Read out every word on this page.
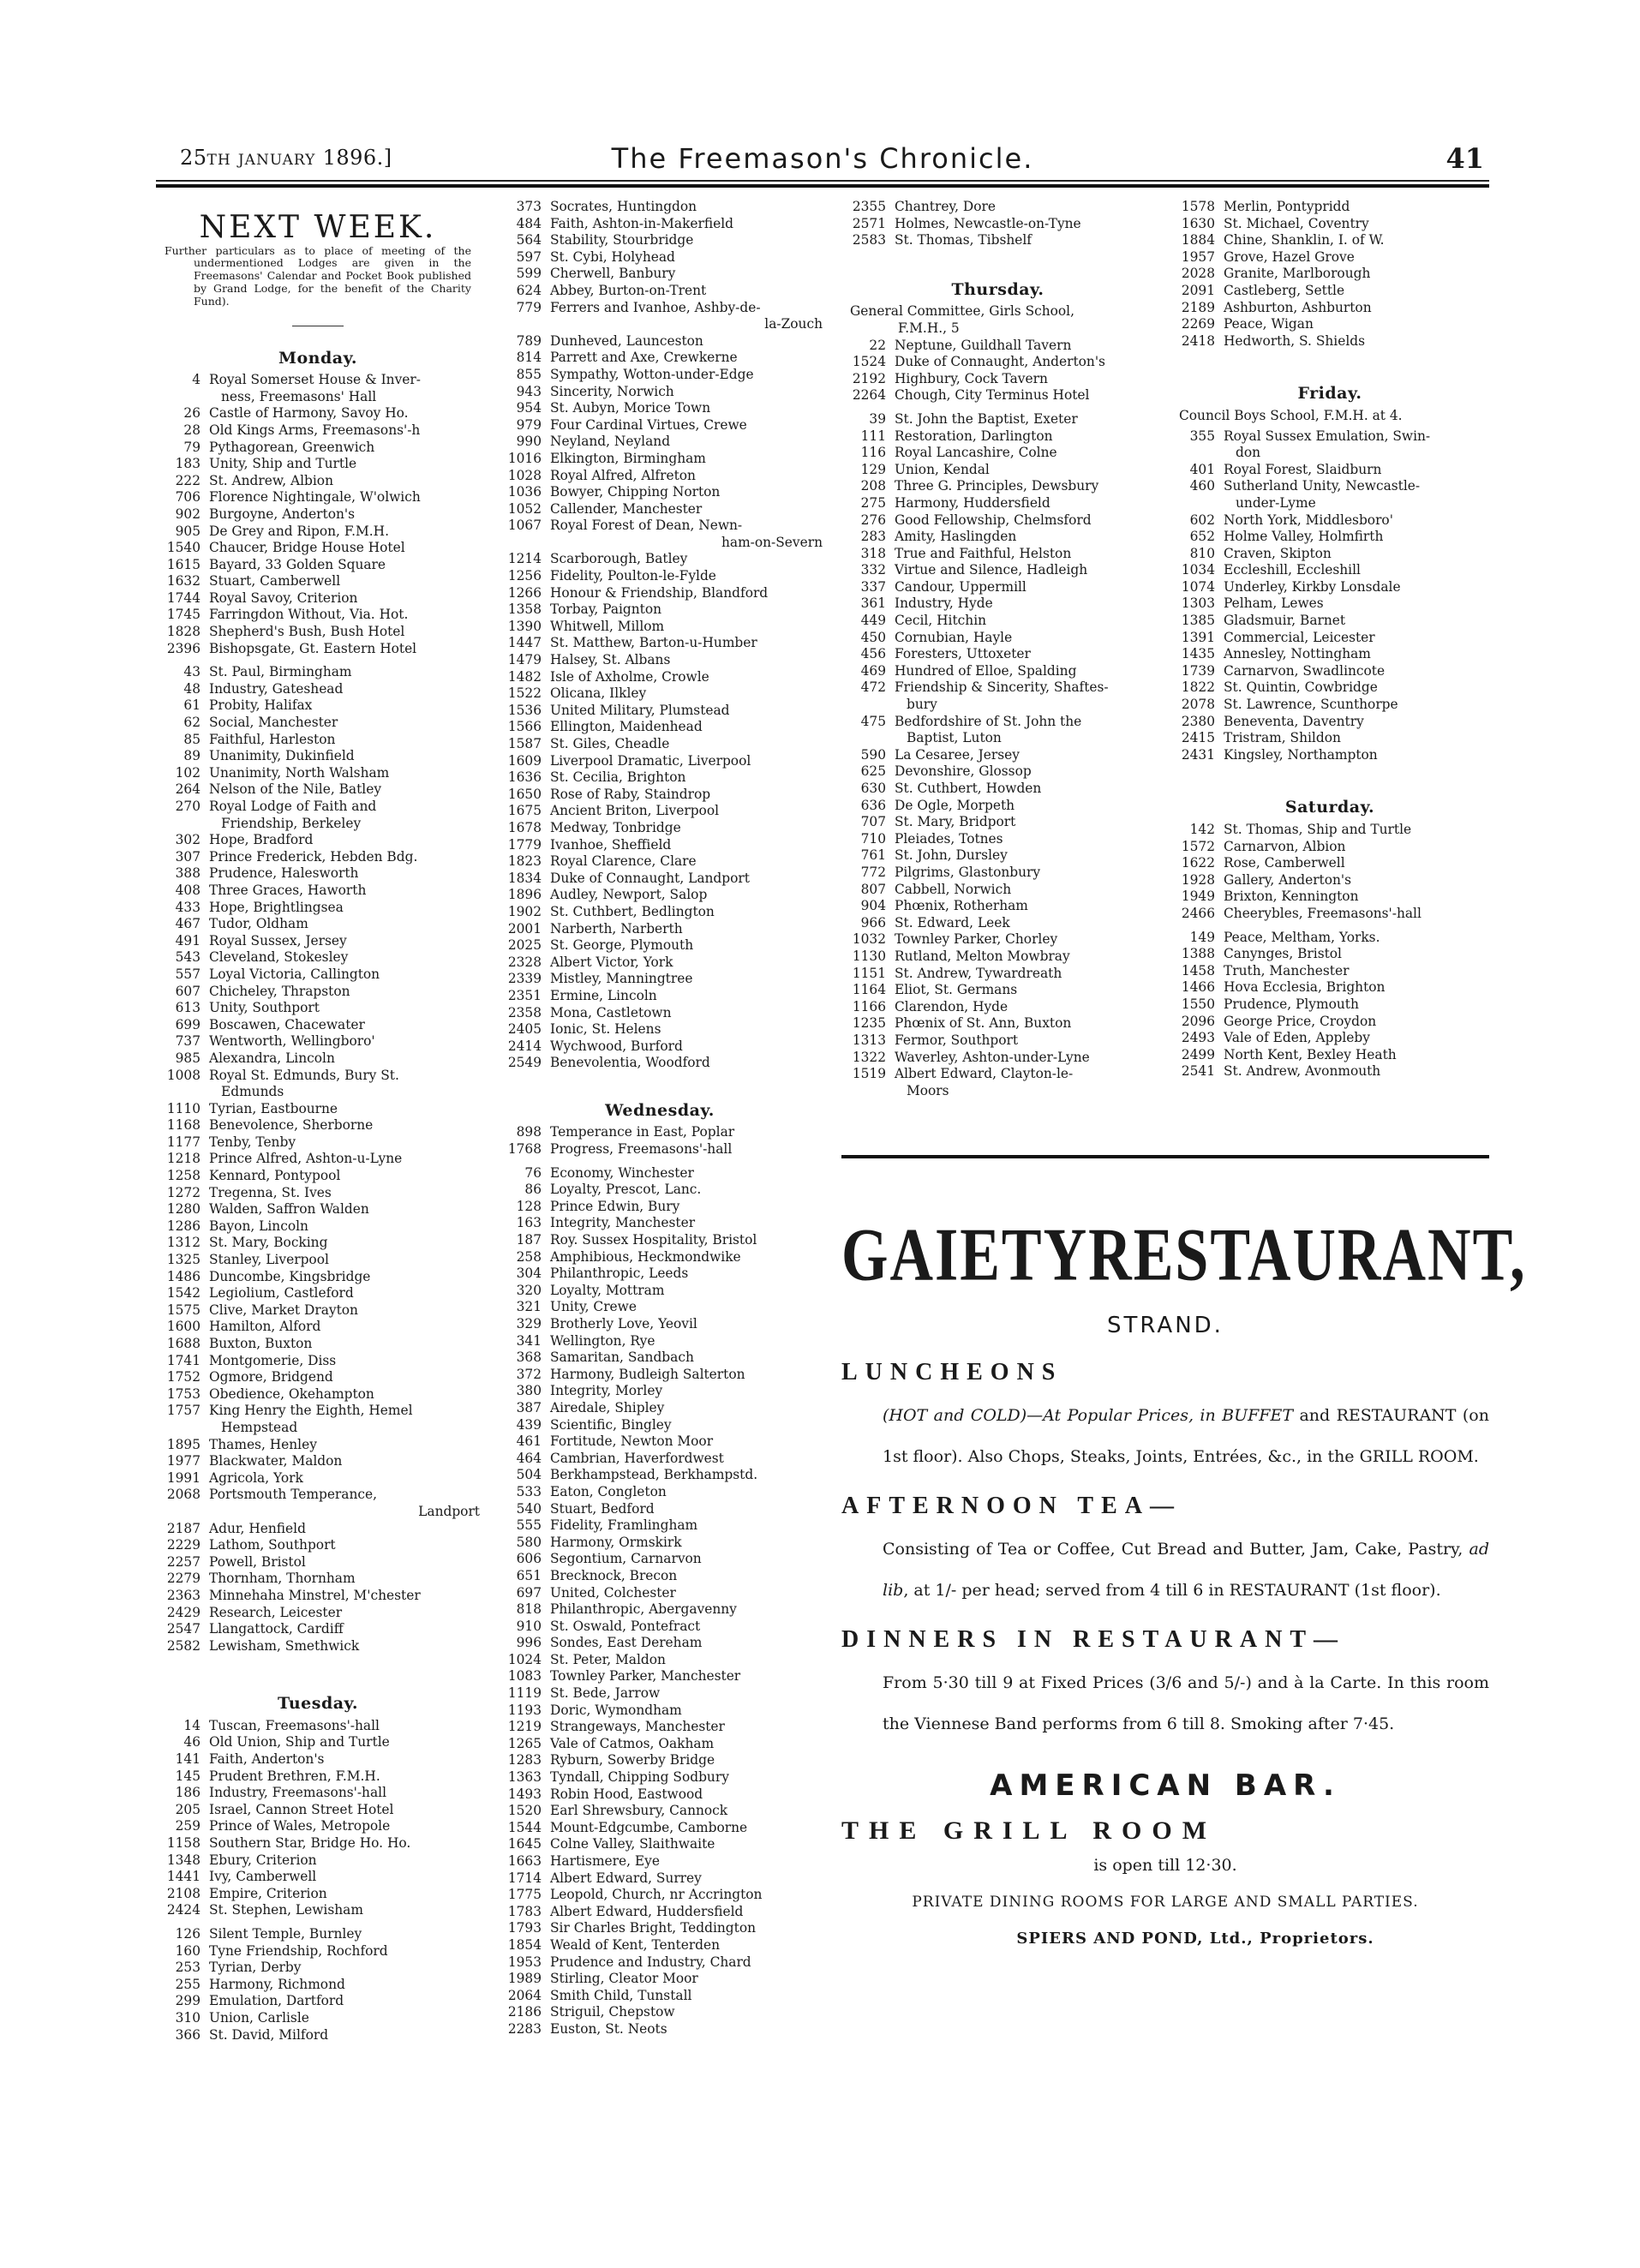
25TH JANUARY 1896.]	The Freemason's Chronicle.	41
NEXT WEEK.
Further particulars as to place of meeting of the undermentioned Lodges are given in the Freemasons' Calendar and Pocket Book published by Grand Lodge, for the benefit of the Charity Fund).
Monday.
4 Royal Somerset House & Inver-
ness, Freemasons' Hall
26 Castle of Harmony, Savoy Ho.
28 Old Kings Arms, Freemasons'-h
79 Pythagorean, Greenwich
183 Unity, Ship and Turtle
222 St. Andrew, Albion
706 Florence Nightingale, W'olwich
902 Burgoyne, Anderton's
905 De Grey and Ripon, F.M.H.
1540 Chaucer, Bridge House Hotel
1615 Bayard, 33 Golden Square
1632 Stuart, Camberwell
1744 Royal Savoy, Criterion
1745 Farringdon Without, Via. Hot.
1828 Shepherd's Bush, Bush Hotel
2396 Bishopsgate, Gt. Eastern Hotel
43 St. Paul, Birmingham
48 Industry, Gateshead
61 Probity, Halifax
62 Social, Manchester
85 Faithful, Harleston
89 Unanimity, Dukinfield
102 Unanimity, North Walsham
264 Nelson of the Nile, Batley
270 Royal Lodge of Faith and
Friendship, Berkeley
302 Hope, Bradford
307 Prince Frederick, Hebden Bdg.
388 Prudence, Halesworth
408 Three Graces, Haworth
433 Hope, Brightlingsea
467 Tudor, Oldham
491 Royal Sussex, Jersey
543 Cleveland, Stokesley
557 Loyal Victoria, Callington
607 Chicheley, Thrapston
613 Unity, Southport
699 Boscawen, Chacewater
737 Wentworth, Wellingboro'
985 Alexandra, Lincoln
1008 Royal St. Edmunds, Bury St.
Edmunds
1110 Tyrian, Eastbourne
1168 Benevolence, Sherborne
1177 Tenby, Tenby
1218 Prince Alfred, Ashton-u-Lyne
1258 Kennard, Pontypool
1272 Tregenna, St. Ives
1280 Walden, Saffron Walden
1286 Bayon, Lincoln
1312 St. Mary, Bocking
1325 Stanley, Liverpool
1486 Duncombe, Kingsbridge
1542 Legiolium, Castleford
1575 Clive, Market Drayton
1600 Hamilton, Alford
1688 Buxton, Buxton
1741 Montgomerie, Diss
1752 Ogmore, Bridgend
1753 Obedience, Okehampton
1757 King Henry the Eighth, Hemel
Hempstead
1895 Thames, Henley
1977 Blackwater, Maldon
1991 Agricola, York
2068 Portsmouth Temperance,
Landport
2187 Adur, Henfield
2229 Lathom, Southport
2257 Powell, Bristol
2279 Thornham, Thornham
2363 Minnehaha Minstrel, M'chester
2429 Research, Leicester
2547 Llangattock, Cardiff
2582 Lewisham, Smethwick
Tuesday.
14 Tuscan, Freemasons'-hall
46 Old Union, Ship and Turtle
141 Faith, Anderton's
145 Prudent Brethren, F.M.H.
186 Industry, Freemasons'-hall
205 Israel, Cannon Street Hotel
259 Prince of Wales, Metropole
1158 Southern Star, Bridge Ho. Ho.
1348 Ebury, Criterion
1441 Ivy, Camberwell
2108 Empire, Criterion
2424 St. Stephen, Lewisham
126 Silent Temple, Burnley
160 Tyne Friendship, Rochford
253 Tyrian, Derby
255 Harmony, Richmond
299 Emulation, Dartford
310 Union, Carlisle
366 St. David, Milford
373 Socrates, Huntingdon
484 Faith, Ashton-in-Makerfield
564 Stability, Stourbridge
597 St. Cybi, Holyhead
599 Cherwell, Banbury
624 Abbey, Burton-on-Trent
779 Ferrers and Ivanhoe, Ashby-de-
la-Zouch
789 Dunheved, Launceston
814 Parrett and Axe, Crewkerne
855 Sympathy, Wotton-under-Edge
943 Sincerity, Norwich
954 St. Aubyn, Morice Town
979 Four Cardinal Virtues, Crewe
990 Neyland, Neyland
1016 Elkington, Birmingham
1028 Royal Alfred, Alfreton
1036 Bowyer, Chipping Norton
1052 Callender, Manchester
1067 Royal Forest of Dean, Newn-
ham-on-Severn
1214 Scarborough, Batley
1256 Fidelity, Poulton-le-Fylde
1266 Honour & Friendship, Blandford
1358 Torbay, Paignton
1390 Whitwell, Millom
1447 St. Matthew, Barton-u-Humber
1479 Halsey, St. Albans
1482 Isle of Axholme, Crowle
1522 Olicana, Ilkley
1536 United Military, Plumstead
1566 Ellington, Maidenhead
1587 St. Giles, Cheadle
1609 Liverpool Dramatic, Liverpool
1636 St. Cecilia, Brighton
1650 Rose of Raby, Staindrop
1675 Ancient Briton, Liverpool
1678 Medway, Tonbridge
1779 Ivanhoe, Sheffield
1823 Royal Clarence, Clare
1834 Duke of Connaught, Landport
1896 Audley, Newport, Salop
1902 St. Cuthbert, Bedlington
2001 Narberth, Narberth
2025 St. George, Plymouth
2328 Albert Victor, York
2339 Mistley, Manningtree
2351 Ermine, Lincoln
2358 Mona, Castletown
2405 Ionic, St. Helens
2414 Wychwood, Burford
2549 Benevolentia, Woodford
Wednesday.
898 Temperance in East, Poplar
1768 Progress, Freemasons'-hall
76 Economy, Winchester
86 Loyalty, Prescot, Lanc.
128 Prince Edwin, Bury
163 Integrity, Manchester
187 Roy. Sussex Hospitality, Bristol
258 Amphibious, Heckmondwike
304 Philanthropic, Leeds
320 Loyalty, Mottram
321 Unity, Crewe
329 Brotherly Love, Yeovil
341 Wellington, Rye
368 Samaritan, Sandbach
372 Harmony, Budleigh Salterton
380 Integrity, Morley
387 Airedale, Shipley
439 Scientific, Bingley
461 Fortitude, Newton Moor
464 Cambrian, Haverfordwest
504 Berkhampstead, Berkhampstd.
533 Eaton, Congleton
540 Stuart, Bedford
555 Fidelity, Framlingham
580 Harmony, Ormskirk
606 Segontium, Carnarvon
651 Brecknock, Brecon
697 United, Colchester
818 Philanthropic, Abergavenny
910 St. Oswald, Pontefract
996 Sondes, East Dereham
1024 St. Peter, Maldon
1083 Townley Parker, Manchester
1119 St. Bede, Jarrow
1193 Doric, Wymondham
1219 Strangeways, Manchester
1265 Vale of Catmos, Oakham
1283 Ryburn, Sowerby Bridge
1363 Tyndall, Chipping Sodbury
1493 Robin Hood, Eastwood
1520 Earl Shrewsbury, Cannock
1544 Mount-Edgcumbe, Camborne
1645 Colne Valley, Slaithwaite
1663 Hartismere, Eye
1714 Albert Edward, Surrey
1775 Leopold, Church, nr Accrington
1783 Albert Edward, Huddersfield
1793 Sir Charles Bright, Teddington
1854 Weald of Kent, Tenterden
1953 Prudence and Industry, Chard
1989 Stirling, Cleator Moor
2064 Smith Child, Tunstall
2186 Striguil, Chepstow
2283 Euston, St. Neots
2355 Chantrey, Dore
2571 Holmes, Newcastle-on-Tyne
2583 St. Thomas, Tibshelf
Thursday.
General Committee, Girls School,
F.M.H., 5
22 Neptune, Guildhall Tavern
1524 Duke of Connaught, Anderton's
2192 Highbury, Cock Tavern
2264 Chough, City Terminus Hotel
39 St. John the Baptist, Exeter
111 Restoration, Darlington
116 Royal Lancashire, Colne
129 Union, Kendal
208 Three G. Principles, Dewsbury
275 Harmony, Huddersfield
276 Good Fellowship, Chelmsford
283 Amity, Haslingden
318 True and Faithful, Helston
332 Virtue and Silence, Hadleigh
337 Candour, Uppermill
361 Industry, Hyde
449 Cecil, Hitchin
450 Cornubian, Hayle
456 Foresters, Uttoxeter
469 Hundred of Elloe, Spalding
472 Friendship & Sincerity, Shaftes-
bury
475 Bedfordshire of St. John the
Baptist, Luton
590 La Cesaree, Jersey
625 Devonshire, Glossop
630 St. Cuthbert, Howden
636 De Ogle, Morpeth
707 St. Mary, Bridport
710 Pleiades, Totnes
761 St. John, Dursley
772 Pilgrims, Glastonbury
807 Cabbell, Norwich
904 Phœnix, Rotherham
966 St. Edward, Leek
1032 Townley Parker, Chorley
1130 Rutland, Melton Mowbray
1151 St. Andrew, Tywardreath
1164 Eliot, St. Germans
1166 Clarendon, Hyde
1235 Phœnix of St. Ann, Buxton
1313 Fermor, Southport
1322 Waverley, Ashton-under-Lyne
1519 Albert Edward, Clayton-le-
Moors
1578 Merlin, Pontypridd
1630 St. Michael, Coventry
1884 Chine, Shanklin, I. of W.
1957 Grove, Hazel Grove
2028 Granite, Marlborough
2091 Castleberg, Settle
2189 Ashburton, Ashburton
2269 Peace, Wigan
2418 Hedworth, S. Shields
Friday.
Council Boys School, F.M.H. at 4.
355 Royal Sussex Emulation, Swin-
don
401 Royal Forest, Slaidburn
460 Sutherland Unity, Newcastle-
under-Lyme
602 North York, Middlesboro'
652 Holme Valley, Holmfirth
810 Craven, Skipton
1034 Eccleshill, Eccleshill
1074 Underley, Kirkby Lonsdale
1303 Pelham, Lewes
1385 Gladsmuir, Barnet
1391 Commercial, Leicester
1435 Annesley, Nottingham
1739 Carnarvon, Swadlincote
1822 St. Quintin, Cowbridge
2078 St. Lawrence, Scunthorpe
2380 Beneventa, Daventry
2415 Tristram, Shildon
2431 Kingsley, Northampton
Saturday.
142 St. Thomas, Ship and Turtle
1572 Carnarvon, Albion
1622 Rose, Camberwell
1928 Gallery, Anderton's
1949 Brixton, Kennington
2466 Cheerybles, Freemasons'-hall
149 Peace, Meltham, Yorks.
1388 Canynges, Bristol
1458 Truth, Manchester
1466 Hova Ecclesia, Brighton
1550 Prudence, Plymouth
2096 George Price, Croydon
2493 Vale of Eden, Appleby
2499 North Kent, Bexley Heath
2541 St. Andrew, Avonmouth
GAIETY RESTAURANT,
STRAND.
LUNCHEONS
(HOT and COLD)—At Popular Prices, in BUFFET and RESTAURANT (on 1st floor). Also Chops, Steaks, Joints, Entrées, &c., in the GRILL ROOM.
AFTERNOON TEA—
Consisting of Tea or Coffee, Cut Bread and Butter, Jam, Cake, Pastry, ad lib, at 1/- per head; served from 4 till 6 in RESTAURANT (1st floor).
DINNERS IN RESTAURANT—
From 5·30 till 9 at Fixed Prices (3/6 and 5/-) and à la Carte. In this room the Viennese Band performs from 6 till 8. Smoking after 7·45.
AMERICAN BAR.
THE GRILL ROOM
is open till 12·30.
PRIVATE DINING ROOMS FOR LARGE AND SMALL PARTIES.
SPIERS AND POND, Ltd., Proprietors.
